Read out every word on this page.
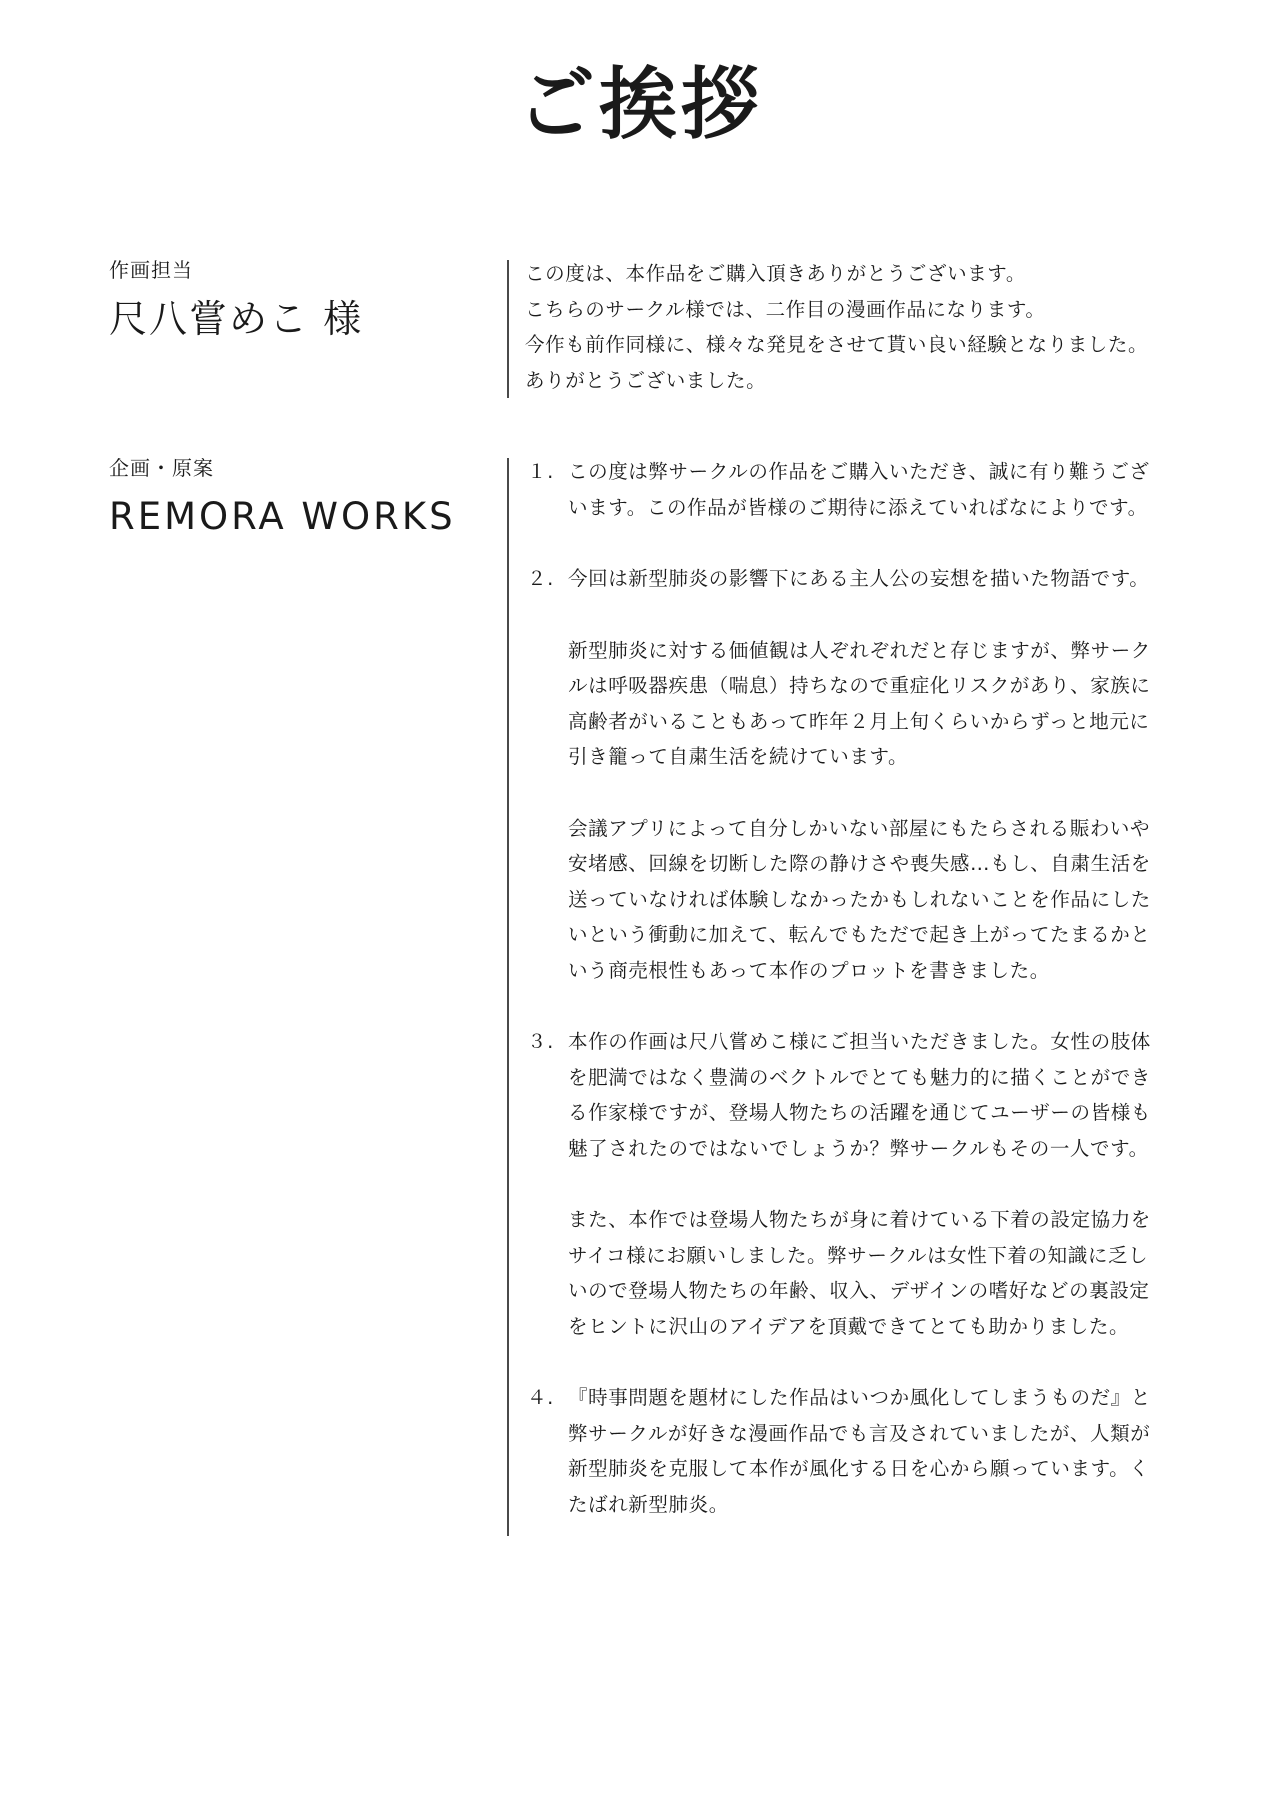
ご挨拶
作画担当
尺八嘗めこ 様
この度は、本作品をご購入頂きありがとうございます。
こちらのサークル様では、二作目の漫画作品になります。
今作も前作同様に、様々な発見をさせて貰い良い経験となりました。
ありがとうございました。
企画・原案
REMORA WORKS
１. この度は弊サークルの作品をご購入いただき、誠に有り難うござ
います。この作品が皆様のご期待に添えていればなによりです。
２. 今回は新型肺炎の影響下にある主人公の妄想を描いた物語です。
新型肺炎に対する価値観は人ぞれぞれだと存じますが、弊サーク
ルは呼吸器疾患（喘息）持ちなので重症化リスクがあり、家族に
高齢者がいることもあって昨年２月上旬くらいからずっと地元に
引き籠って自粛生活を続けています。
会議アプリによって自分しかいない部屋にもたらされる賑わいや
安堵感、回線を切断した際の静けさや喪失感…もし、自粛生活を
送っていなければ体験しなかったかもしれないことを作品にした
いという衝動に加えて、転んでもただで起き上がってたまるかと
いう商売根性もあって本作のプロットを書きました。
３. 本作の作画は尺八嘗めこ様にご担当いただきました。女性の肢体
を肥満ではなく豊満のベクトルでとても魅力的に描くことができ
る作家様ですが、登場人物たちの活躍を通じてユーザーの皆様も
魅了されたのではないでしょうか？弊サークルもその一人です。
また、本作では登場人物たちが身に着けている下着の設定協力を
サイコ様にお願いしました。弊サークルは女性下着の知識に乏し
いので登場人物たちの年齢、収入、デザインの嗜好などの裏設定
をヒントに沢山のアイデアを頂戴できてとても助かりました。
４. 『時事問題を題材にした作品はいつか風化してしまうものだ』と
弊サークルが好きな漫画作品でも言及されていましたが、人類が
新型肺炎を克服して本作が風化する日を心から願っています。く
たばれ新型肺炎。
